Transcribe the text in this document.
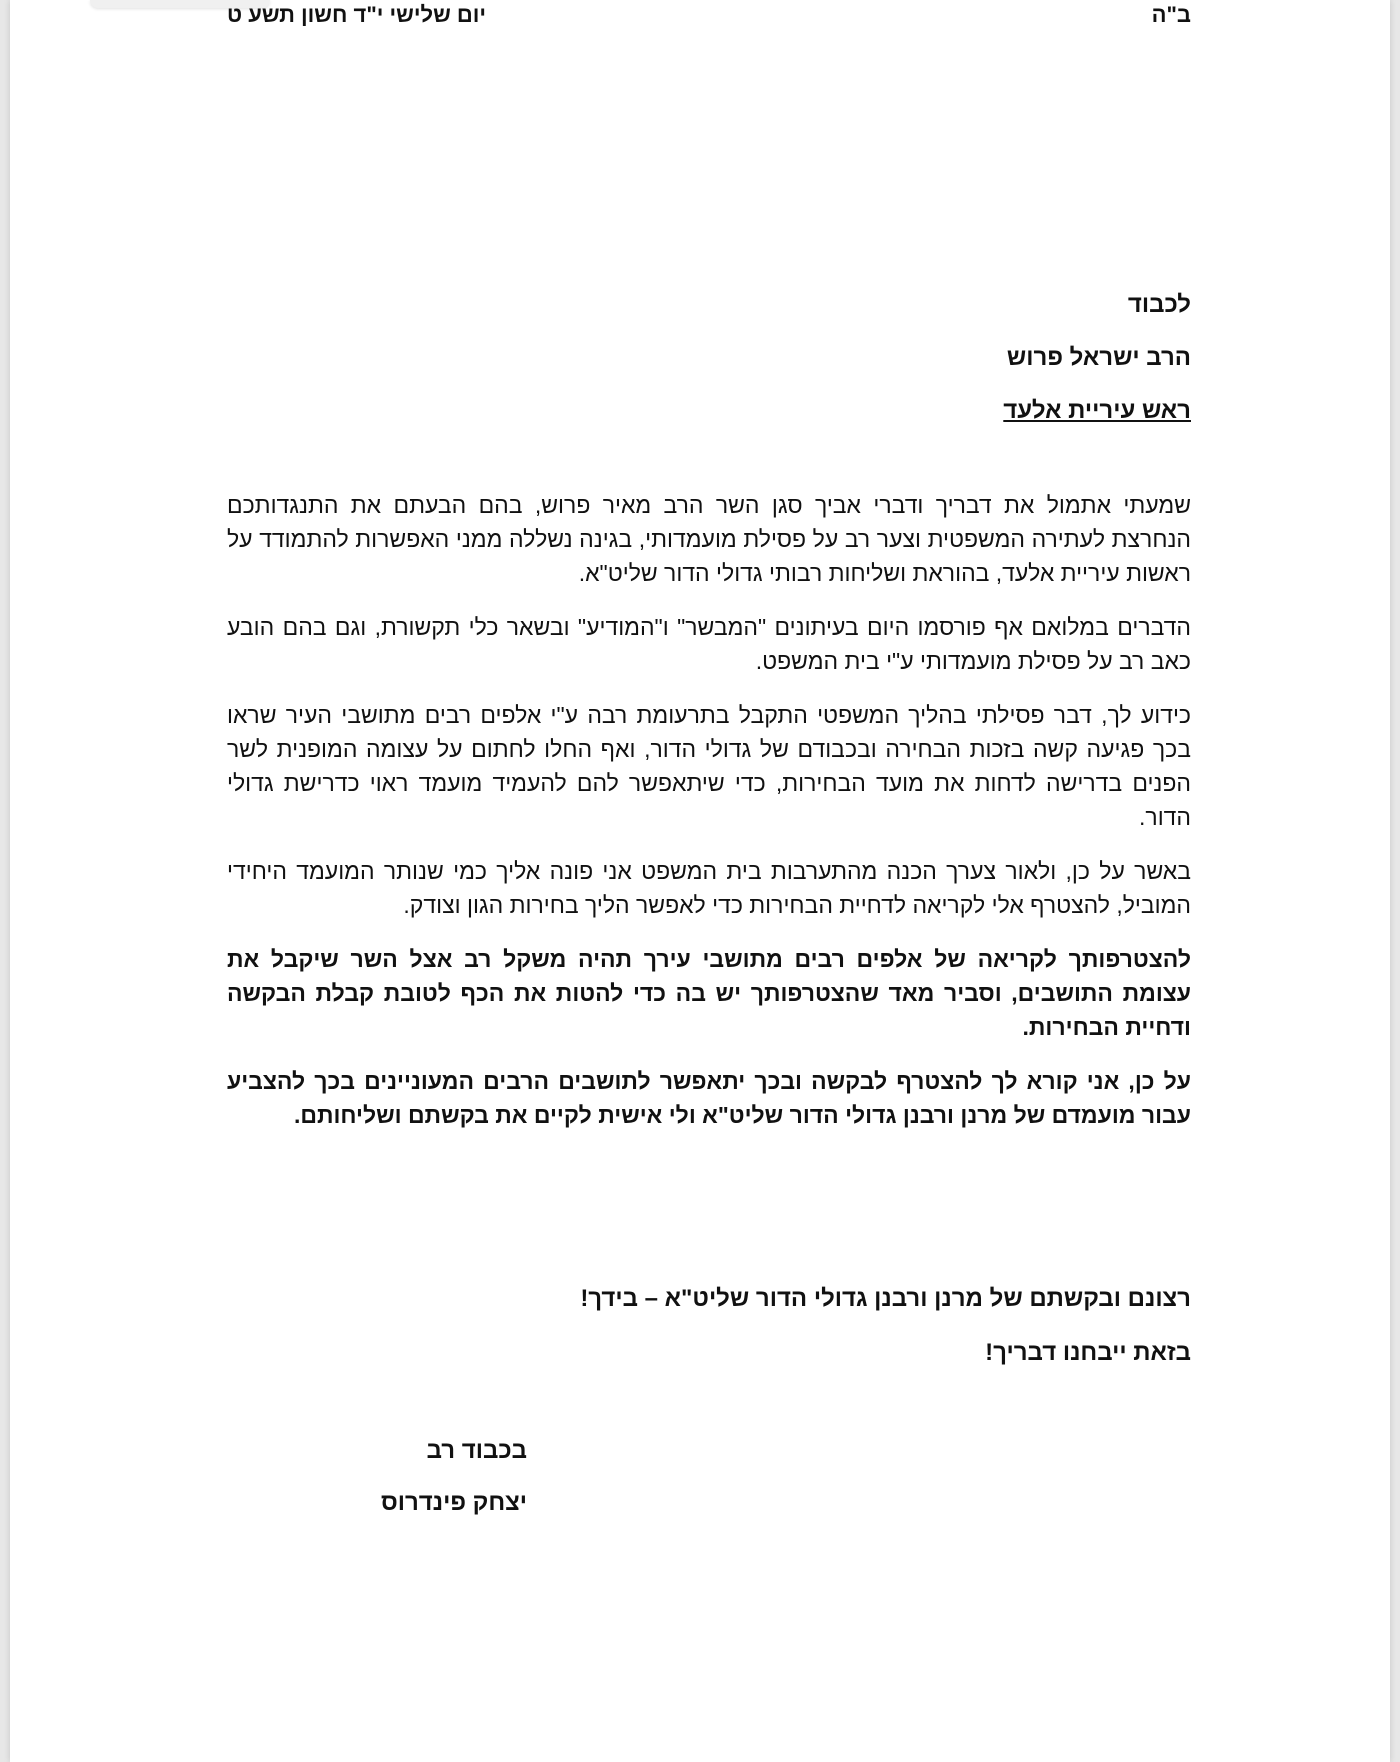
ב"ה
יום שלישי י"ד חשון תשע ט
לכבוד
הרב ישראל פרוש
ראש עיריית אלעד

שמעתי אתמול את דבריך ודברי אביך סגן השר הרב מאיר פרוש, בהם הבעתם את התנגדותכם הנחרצת לעתירה המשפטית וצער רב על פסילת מועמדותי, בגינה נשללה ממני האפשרות להתמודד על ראשות עיריית אלעד, בהוראת ושליחות רבותי גדולי הדור שליט"א.

הדברים במלואם אף פורסמו היום בעיתונים "המבשר" ו"המודיע" ובשאר כלי תקשורת, וגם בהם הובע כאב רב על פסילת מועמדותי ע"י בית המשפט.

כידוע לך, דבר פסילתי בהליך המשפטי התקבל בתרעומת רבה ע"י אלפים רבים מתושבי העיר שראו בכך פגיעה קשה בזכות הבחירה ובכבודם של גדולי הדור, ואף החלו לחתום על עצומה המופנית לשר הפנים בדרישה לדחות את מועד הבחירות, כדי שיתאפשר להם להעמיד מועמד ראוי כדרישת גדולי הדור.

באשר על כן, ולאור צערך הכנה מהתערבות בית המשפט אני פונה אליך כמי שנותר המועמד היחידי המוביל, להצטרף אלי לקריאה לדחיית הבחירות כדי לאפשר הליך בחירות הגון וצודק.

להצטרפותך לקריאה של אלפים רבים מתושבי עירך תהיה משקל רב אצל השר שיקבל את עצומת התושבים, וסביר מאד שהצטרפותך יש בה כדי להטות את הכף לטובת קבלת הבקשה ודחיית הבחירות.

על כן, אני קורא לך להצטרף לבקשה ובכך יתאפשר לתושבים הרבים המעוניינים בכך להצביע עבור מועמדם של מרנן ורבנן גדולי הדור שליט"א ולי אישית לקיים את בקשתם ושליחותם.

רצונם ובקשתם של מרנן ורבנן גדולי הדור שליט"א – בידך!
בזאת ייבחנו דבריך!
בכבוד רב
יצחק פינדרוס
